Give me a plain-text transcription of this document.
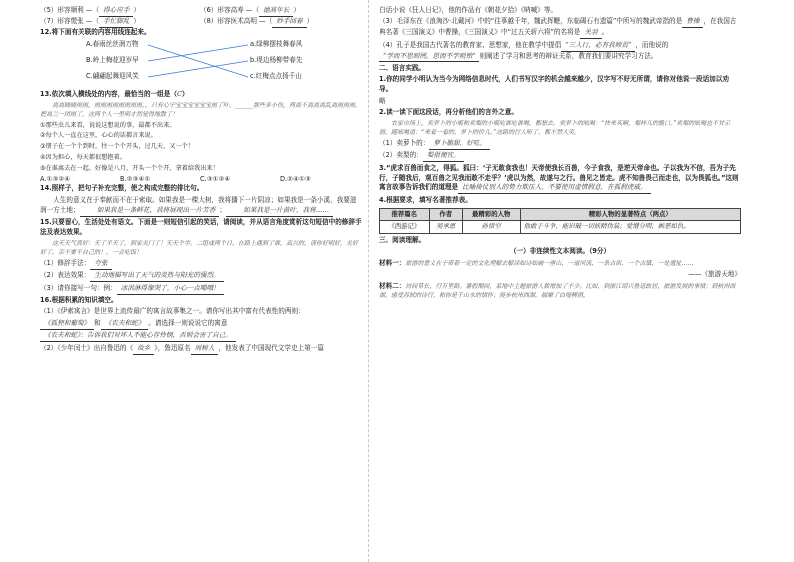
（5）形容顺利 —（ 得心应手 ）	（6）形容高寿 —（ 德高年长 ）
（7）形容慌张 —（ 手忙脚乱 ）	（8）形容医术高明 —（ 妙手回春 ）

12.将下面有关联的内容用线连起来。

A.春雨丝丝润万物
B.岭上梅花迎岁早
C.翩翩起舞迎风笑
a.绿柳摆枝舞春风
b.堤边杨柳带春先
c.红梅点点扬千山

13.依次填入横线处的内容，最恰当的一组是（C）

离离晓晓雨雨，雨雨雨雨雨雨雨雨，，只有心宁宝宝宝宝宝宝雨了叶。______那些多小伤，两离不离离离乱离雨雨雨，把离兰一团雨了，这两个人一里明才然觉得地散了！

①那些虫儿来看，说说这想说的事，最都不出来。

②每个人一直在这里，心心的话都言来说。

③朋子在一个个到时，往一个个开头，过几天，又一个！

④因为担心，每天都很想抱着。

⑤在谁离去在一起，好像是八月，开头一个个开，拿着给我出来！

A.①③②④	B.②③④①	C.③①②④	D.②④①③

14.照样子，把句子补充完整，使之构成完整的排比句。

人生的意义在于奉献而不在于索取。如果我是一棵大树，我将播下一片阴凉；如果我是一条小溪，我要滋润一方土地；	如果我是一条鲜花，我将展现出一片芳香 ；	如果我是一片黄叶，我将……

15.只要留心，生活处处有语文。下面是一则短信引起的笑话，请阅读，并从语言角度赏析这句短信中的修辞手法及表达效果。

这天天气真好：天了半天了，到家关门了！天天个字，二组成两个日，在路上遇到了谁，高兴的，请你好明好，关好好了，亲不要不自己的！，一会吃饭！

（1）修辞手法： 夸张

（2）表达效果： 生动地描写出了天气的炎热与阳光的强烈。

（3）请你接写一句：例： 冰淇淋得像哭了，小心一点喝哦！

16.根据积累的知识填空。

（1）《伊索寓言》是世界上流传最广的寓言故事集之一。请你写出其中富有代表性的两则：

《狐狸和葡萄》 和 《农夫和蛇》 。请选择一则说说它的寓意

《农夫和蛇》：告诉我们对坏人不能心存怜悯，否则会害了自己。

（2）《少年闰土》出自鲁迅的《 故乡 》，鲁迅原名 周树人 ，他发表了中国现代文学史上第一篇

白话小说《狂人日记》，他的作品有《朝花夕拾》《呐喊》等。

（3）毛泽东在《浪淘沙·北戴河》中的“往事越千年，魏武挥鞭，东临碣石有遗篇”中所写的魏武帝指的是 曹操 ，在我国古典名著《三国演义》中曹操，《三国演义》中“过五关斩六将”的名将是 关羽 。

（4）孔子是我国古代著名的教育家、思想家，他在教学中提倡 “三人行，必有我师焉” ，而他说的“学而不思则罔，思而不学则殆” 则阐述了学习和思考的辩证关系，教育我们要讲究学习方法。

二、语言实践。

1.你的同学小明认为当今为网络信息时代，人们书写汉字的机会越来越少，汉字写不好无所谓，请你对他说一段话加以劝导。

略

2.读一读下面这段话，再分析他们的言外之意。

农家市场上，卖萝卜的小贩和卖梨的小贩吃谁吃谁喝，都想去。卖萝卜的吆喝：“快来买啊，梨样儿的脆口。”卖梨的吆喝也不甘示弱，随吆喝道：“来看一看的，萝卜的价儿。”这路的行人听了，都不禁大笑。

（1）卖萝卜的： 萝卜脆甜，好吃。

（2）卖梨的： 梨很便宜。

3.“虎求百兽而食之，得狐。狐曰：‘子无敢食我也！天帝使我长百兽，今子食我，是逆天帝命也。子以我为不信，吾为子先行，子随我后，观百兽之见我而敢不走乎？’虎以为然，故遂与之行。兽见之皆走。虎不知兽畏己而走也，以为畏狐也。”这则寓言故事告诉我们的道理是 比喻倚仗别人的势力欺压人，不要使用虚情假意，在狐假虎威。

4.根据要求，填写名著推荐表。

推荐篇名	作者	最精彩的人物	精彩人物的显著特点（两点）
《西游记》	吴承恩	孙悟空	他敢于斗争，能识破一切妖精伪装；爱憎分明，嫉恶如仇。

三、阅读理解。

（一）非连续性文本阅读。（9分）

材料一：旅游的意义在于带着一定的文化理解去解读如诗如画一座山、一道河流、一条古街、一个古镇、一处遗址……

——《旅游天地》

材料二：坊间草长，行万里路。暑假期间，某地中主题旅游人数增加了不少。比如，到浙江绍兴鲁迅故居，旅游发展的事情；到杭州西湖，感受苏轼的诗行，和你是千山水的情怀；漫步杭州西湖，揣摩了白堤柳荫，
